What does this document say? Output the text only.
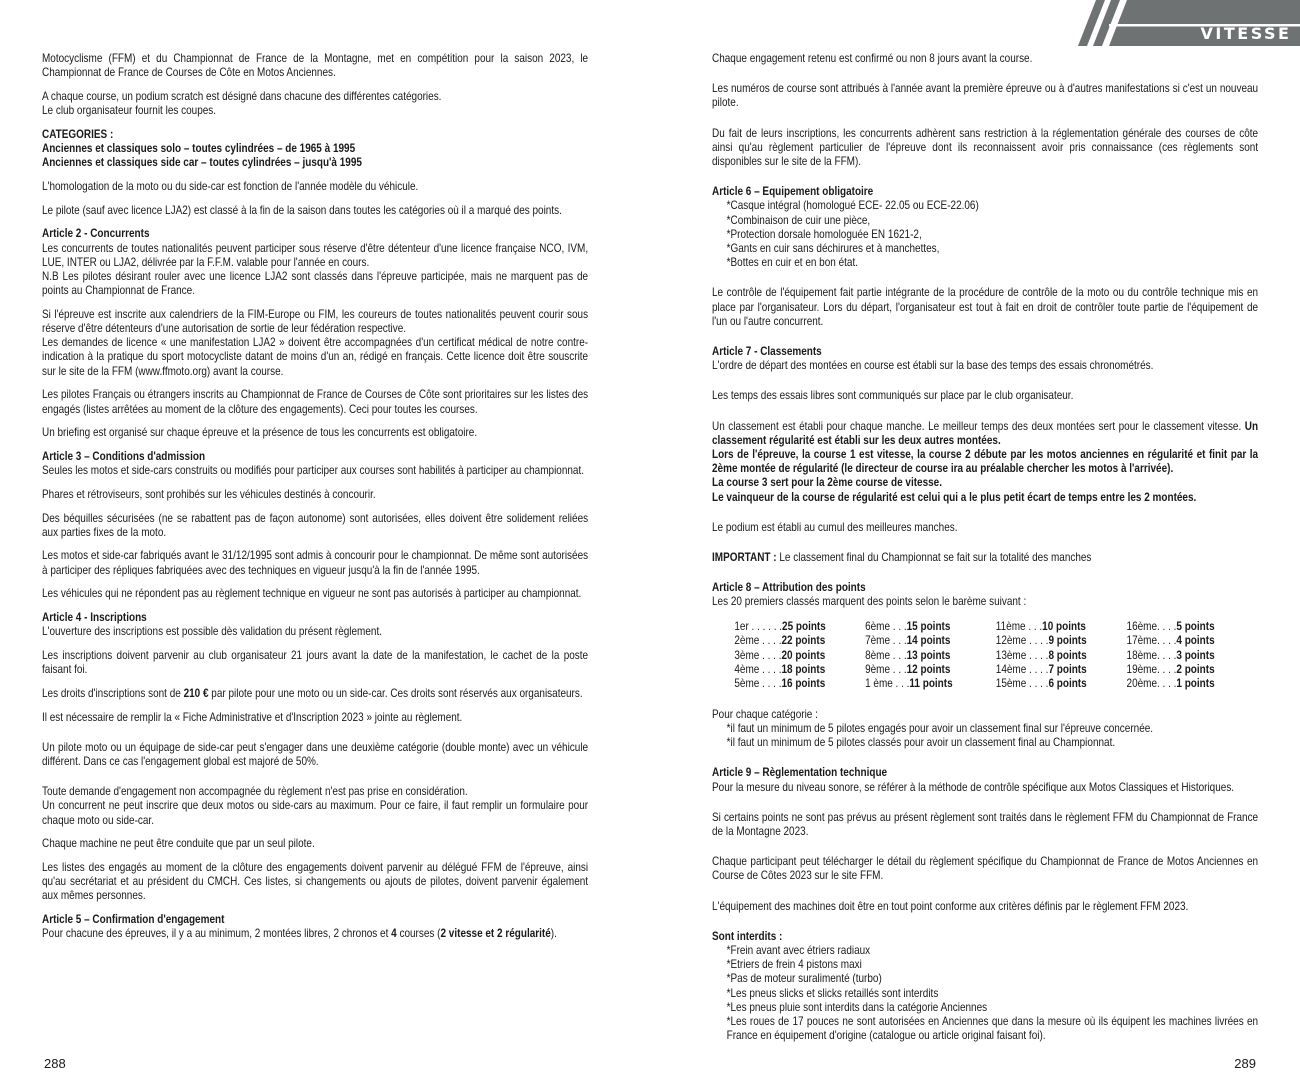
Motocyclisme (FFM) et du Championnat de France de la Montagne, met en compétition pour la saison 2023, le Championnat de France de Courses de Côte en Motos Anciennes.

A chaque course, un podium scratch est désigné dans chacune des différentes catégories.
Le club organisateur fournit les coupes.

CATEGORIES :
Anciennes et classiques solo – toutes cylindrées – de 1965 à 1995
Anciennes et classiques side car – toutes cylindrées – jusqu'à 1995

L'homologation de la moto ou du side-car est fonction de l'année modèle du véhicule.

Le pilote (sauf avec licence LJA2) est classé à la fin de la saison dans toutes les catégories où il a marqué des points.

Article 2 - Concurrents
Les concurrents de toutes nationalités peuvent participer sous réserve d'être détenteur d'une licence française NCO, IVM, LUE, INTER ou LJA2, délivrée par la F.F.M. valable pour l'année en cours.
N.B Les pilotes désirant rouler avec une licence LJA2 sont classés dans l'épreuve participée, mais ne marquent pas de points au Championnat de France.

Si l'épreuve est inscrite aux calendriers de la FIM-Europe ou FIM, les coureurs de toutes nationalités peuvent courir sous réserve d'être détenteurs d'une autorisation de sortie de leur fédération respective.
Les demandes de licence « une manifestation LJA2 » doivent être accompagnées d'un certificat médical de notre contre-indication à la pratique du sport motocycliste datant de moins d'un an, rédigé en français. Cette licence doit être souscrite sur le site de la FFM (www.ffmoto.org) avant la course.

Les pilotes Français ou étrangers inscrits au Championnat de France de Courses de Côte sont prioritaires sur les listes des engagés (listes arrêtées au moment de la clôture des engagements). Ceci pour toutes les courses.

Un briefing est organisé sur chaque épreuve et la présence de tous les concurrents est obligatoire.

Article 3 – Conditions d'admission
Seules les motos et side-cars construits ou modifiés pour participer aux courses sont habilités à participer au championnat.

Phares et rétroviseurs, sont prohibés sur les véhicules destinés à concourir.

Des béquilles sécurisées (ne se rabattent pas de façon autonome) sont autorisées, elles doivent être solidement reliées aux parties fixes de la moto.

Les motos et side-car fabriqués avant le 31/12/1995 sont admis à concourir pour le championnat. De même sont autorisées à participer des répliques fabriquées avec des techniques en vigueur jusqu'à la fin de l'année 1995.

Les véhicules qui ne répondent pas au règlement technique en vigueur ne sont pas autorisés à participer au championnat.

Article 4 - Inscriptions
L'ouverture des inscriptions est possible dès validation du présent règlement.

Les inscriptions doivent parvenir au club organisateur 21 jours avant la date de la manifestation, le cachet de la poste faisant foi.

Les droits d'inscriptions sont de 210 € par pilote pour une moto ou un side-car. Ces droits sont réservés aux organisateurs.

Il est nécessaire de remplir la « Fiche Administrative et d'Inscription 2023 » jointe au règlement.

Un pilote moto ou un équipage de side-car peut s'engager dans une deuxième catégorie (double monte) avec un véhicule différent. Dans ce cas l'engagement global est majoré de 50%.

Toute demande d'engagement non accompagnée du règlement n'est pas prise en considération.
Un concurrent ne peut inscrire que deux motos ou side-cars au maximum. Pour ce faire, il faut remplir un formulaire pour chaque moto ou side-car.

Chaque machine ne peut être conduite que par un seul pilote.

Les listes des engagés au moment de la clôture des engagements doivent parvenir au délégué FFM de l'épreuve, ainsi qu'au secrétariat et au président du CMCH. Ces listes, si changements ou ajouts de pilotes, doivent parvenir également aux mêmes personnes.

Article 5 – Confirmation d'engagement
Pour chacune des épreuves, il y a au minimum, 2 montées libres, 2 chronos et 4 courses (2 vitesse et 2 régularité).

288
VITESSE

Chaque engagement retenu est confirmé ou non 8 jours avant la course.

Les numéros de course sont attribués à l'année avant la première épreuve ou à d'autres manifestations si c'est un nouveau pilote.

Du fait de leurs inscriptions, les concurrents adhèrent sans restriction à la réglementation générale des courses de côte ainsi qu'au règlement particulier de l'épreuve dont ils reconnaissent avoir pris connaissance (ces règlements sont disponibles sur le site de la FFM).

Article 6 – Equipement obligatoire
*Casque intégral (homologué ECE- 22.05 ou ECE-22.06)
*Combinaison de cuir une pièce,
*Protection dorsale homologuée EN 1621-2,
*Gants en cuir sans déchirures et à manchettes,
*Bottes en cuir et en bon état.

Le contrôle de l'équipement fait partie intégrante de la procédure de contrôle de la moto ou du contrôle technique mis en place par l'organisateur. Lors du départ, l'organisateur est tout à fait en droit de contrôler toute partie de l'équipement de l'un ou l'autre concurrent.

Article 7 - Classements
L'ordre de départ des montées en course est établi sur la base des temps des essais chronométrés.

Les temps des essais libres sont communiqués sur place par le club organisateur.

Un classement est établi pour chaque manche. Le meilleur temps des deux montées sert pour le classement vitesse. Un classement régularité est établi sur les deux autres montées.
Lors de l'épreuve, la course 1 est vitesse, la course 2 débute par les motos anciennes en régularité et finit par la 2ème montée de régularité (le directeur de course ira au préalable chercher les motos à l'arrivée).
La course 3 sert pour la 2ème course de vitesse.
Le vainqueur de la course de régularité est celui qui a le plus petit écart de temps entre les 2 montées.

Le podium est établi au cumul des meilleures manches.

IMPORTANT : Le classement final du Championnat se fait sur la totalité des manches

Article 8 – Attribution des points
Les 20 premiers classés marquent des points selon le barème suivant :

1er . . . . . .25 points	6ème . . .15 points	11ème . . .10 points	16ème. . . .5 points
2ème . . . .22 points	7ème . . .14 points	12ème . . . .9 points	17ème. . . .4 points
3ème . . . .20 points	8ème . . .13 points	13ème . . . .8 points	18ème. . . .3 points
4ème . . . .18 points	9ème . . .12 points	14ème . . . .7 points	19ème. . . .2 points
5ème . . . .16 points	1 ème . . .11 points	15ème . . . .6 points	20ème. . . .1 points

Pour chaque catégorie :
*il faut un minimum de 5 pilotes engagés pour avoir un classement final sur l'épreuve concernée.
*il faut un minimum de 5 pilotes classés pour avoir un classement final au Championnat.

Article 9 – Règlementation technique
Pour la mesure du niveau sonore, se référer à la méthode de contrôle spécifique aux Motos Classiques et Historiques.

Si certains points ne sont pas prévus au présent règlement sont traités dans le règlement FFM du Championnat de France de la Montagne 2023.

Chaque participant peut télécharger le détail du règlement spécifique du Championnat de France de Motos Anciennes en Course de Côtes 2023 sur le site FFM.

L'équipement des machines doit être en tout point conforme aux critères définis par le règlement FFM 2023.

Sont interdits :
*Frein avant avec étriers radiaux
*Etriers de frein 4 pistons maxi
*Pas de moteur suralimenté (turbo)
*Les pneus slicks et slicks retaillés sont interdits
*Les pneus pluie sont interdits dans la catégorie Anciennes
*Les roues de 17 pouces ne sont autorisées en Anciennes que dans la mesure où ils équipent les machines livrées en France en équipement d'origine (catalogue ou article original faisant foi).

289
